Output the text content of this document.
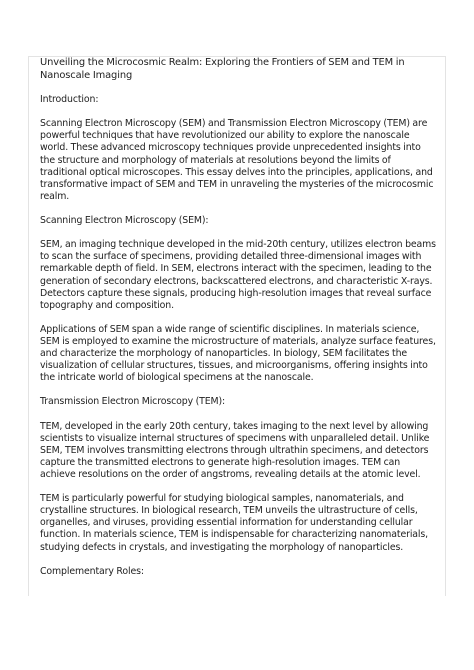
Unveiling the Microcosmic Realm: Exploring the Frontiers of SEM and TEM in Nanoscale Imaging

Introduction:

Scanning Electron Microscopy (SEM) and Transmission Electron Microscopy (TEM) are powerful techniques that have revolutionized our ability to explore the nanoscale world. These advanced microscopy techniques provide unprecedented insights into the structure and morphology of materials at resolutions beyond the limits of traditional optical microscopes. This essay delves into the principles, applications, and transformative impact of SEM and TEM in unraveling the mysteries of the microcosmic realm.

Scanning Electron Microscopy (SEM):

SEM, an imaging technique developed in the mid-20th century, utilizes electron beams to scan the surface of specimens, providing detailed three-dimensional images with remarkable depth of field. In SEM, electrons interact with the specimen, leading to the generation of secondary electrons, backscattered electrons, and characteristic X-rays. Detectors capture these signals, producing high-resolution images that reveal surface topography and composition.

Applications of SEM span a wide range of scientific disciplines. In materials science, SEM is employed to examine the microstructure of materials, analyze surface features, and characterize the morphology of nanoparticles. In biology, SEM facilitates the visualization of cellular structures, tissues, and microorganisms, offering insights into the intricate world of biological specimens at the nanoscale.

Transmission Electron Microscopy (TEM):

TEM, developed in the early 20th century, takes imaging to the next level by allowing scientists to visualize internal structures of specimens with unparalleled detail. Unlike SEM, TEM involves transmitting electrons through ultrathin specimens, and detectors capture the transmitted electrons to generate high-resolution images. TEM can achieve resolutions on the order of angstroms, revealing details at the atomic level.

TEM is particularly powerful for studying biological samples, nanomaterials, and crystalline structures. In biological research, TEM unveils the ultrastructure of cells, organelles, and viruses, providing essential information for understanding cellular function. In materials science, TEM is indispensable for characterizing nanomaterials, studying defects in crystals, and investigating the morphology of nanoparticles.

Complementary Roles:
